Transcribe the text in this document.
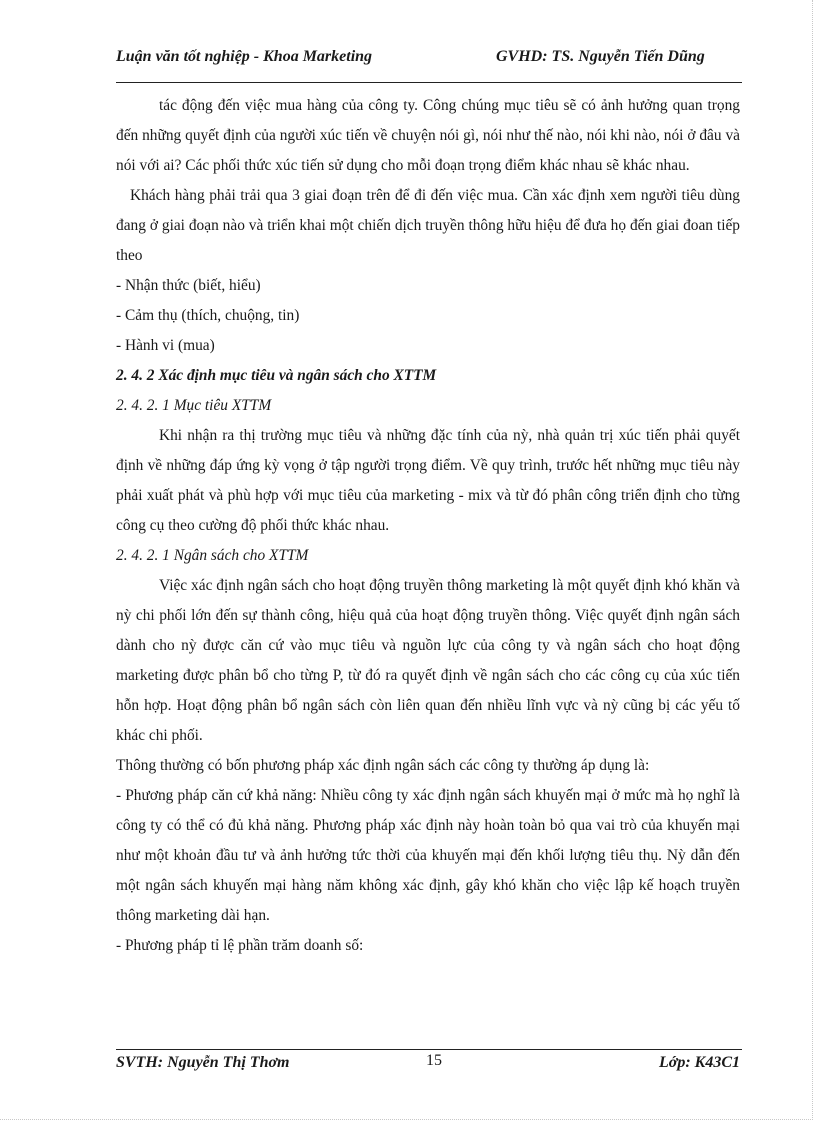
Luận văn tốt nghiệp - Khoa Marketing	GVHD: TS. Nguyễn Tiến Dũng

tác động đến việc mua hàng của công ty. Công chúng mục tiêu sẽ có ảnh hưởng quan trọng đến những quyết định của người xúc tiến về chuyện nói gì, nói như thế nào, nói khi nào, nói ở đâu và nói với ai? Các phối thức xúc tiến sử dụng cho mỗi đoạn trọng điểm khác nhau sẽ khác nhau.

Khách hàng phải trải qua 3 giai đoạn trên để đi đến việc mua. Cần xác định xem người tiêu dùng đang ở giai đoạn nào và triển khai một chiến dịch truyền thông hữu hiệu để đưa họ đến giai đoan tiếp theo

- Nhận thức (biết, hiểu)

- Cảm thụ (thích, chuộng, tin)

- Hành vi (mua)

2. 4. 2 Xác định mục tiêu và ngân sách cho XTTM

2. 4. 2. 1 Mục tiêu XTTM

Khi nhận ra thị trường mục tiêu và những đặc tính của nỳ, nhà quản trị xúc tiến phải quyết định về những đáp ứng kỳ vọng ở tập người trọng điểm. Về quy trình, trước hết những mục tiêu này phải xuất phát và phù hợp với mục tiêu của marketing - mix và từ đó phân công triển định cho từng công cụ theo cường độ phối thức khác nhau.

2. 4. 2. 1 Ngân sách cho XTTM

Việc xác định ngân sách cho hoạt động truyền thông marketing là một quyết định khó khăn và nỳ chi phối lớn đến sự thành công, hiệu quả của hoạt động truyền thông. Việc quyết định ngân sách dành cho nỳ được căn cứ vào mục tiêu và nguồn lực của công ty và ngân sách cho hoạt động marketing được phân bổ cho từng P, từ đó ra quyết định về ngân sách cho các công cụ của xúc tiến hỗn hợp. Hoạt động phân bổ ngân sách còn liên quan đến nhiều lĩnh vực và nỳ cũng bị các yếu tố khác chi phối.

Thông thường có bốn phương pháp xác định ngân sách các công ty thường áp dụng là:

- Phương pháp căn cứ khả năng: Nhiều công ty xác định ngân sách khuyến mại ở mức mà họ nghĩ là công ty có thể có đủ khả năng. Phương pháp xác định này hoàn toàn bỏ qua vai trò của khuyến mại như một khoản đầu tư và ảnh hưởng tức thời của khuyến mại đến khối lượng tiêu thụ. Nỳ dẫn đến một ngân sách khuyến mại hàng năm không xác định, gây khó khăn cho việc lập kế hoạch truyền thông marketing dài hạn.

- Phương pháp tỉ lệ phần trăm doanh số:

SVTH: Nguyễn Thị Thơm	15	Lớp: K43C1
